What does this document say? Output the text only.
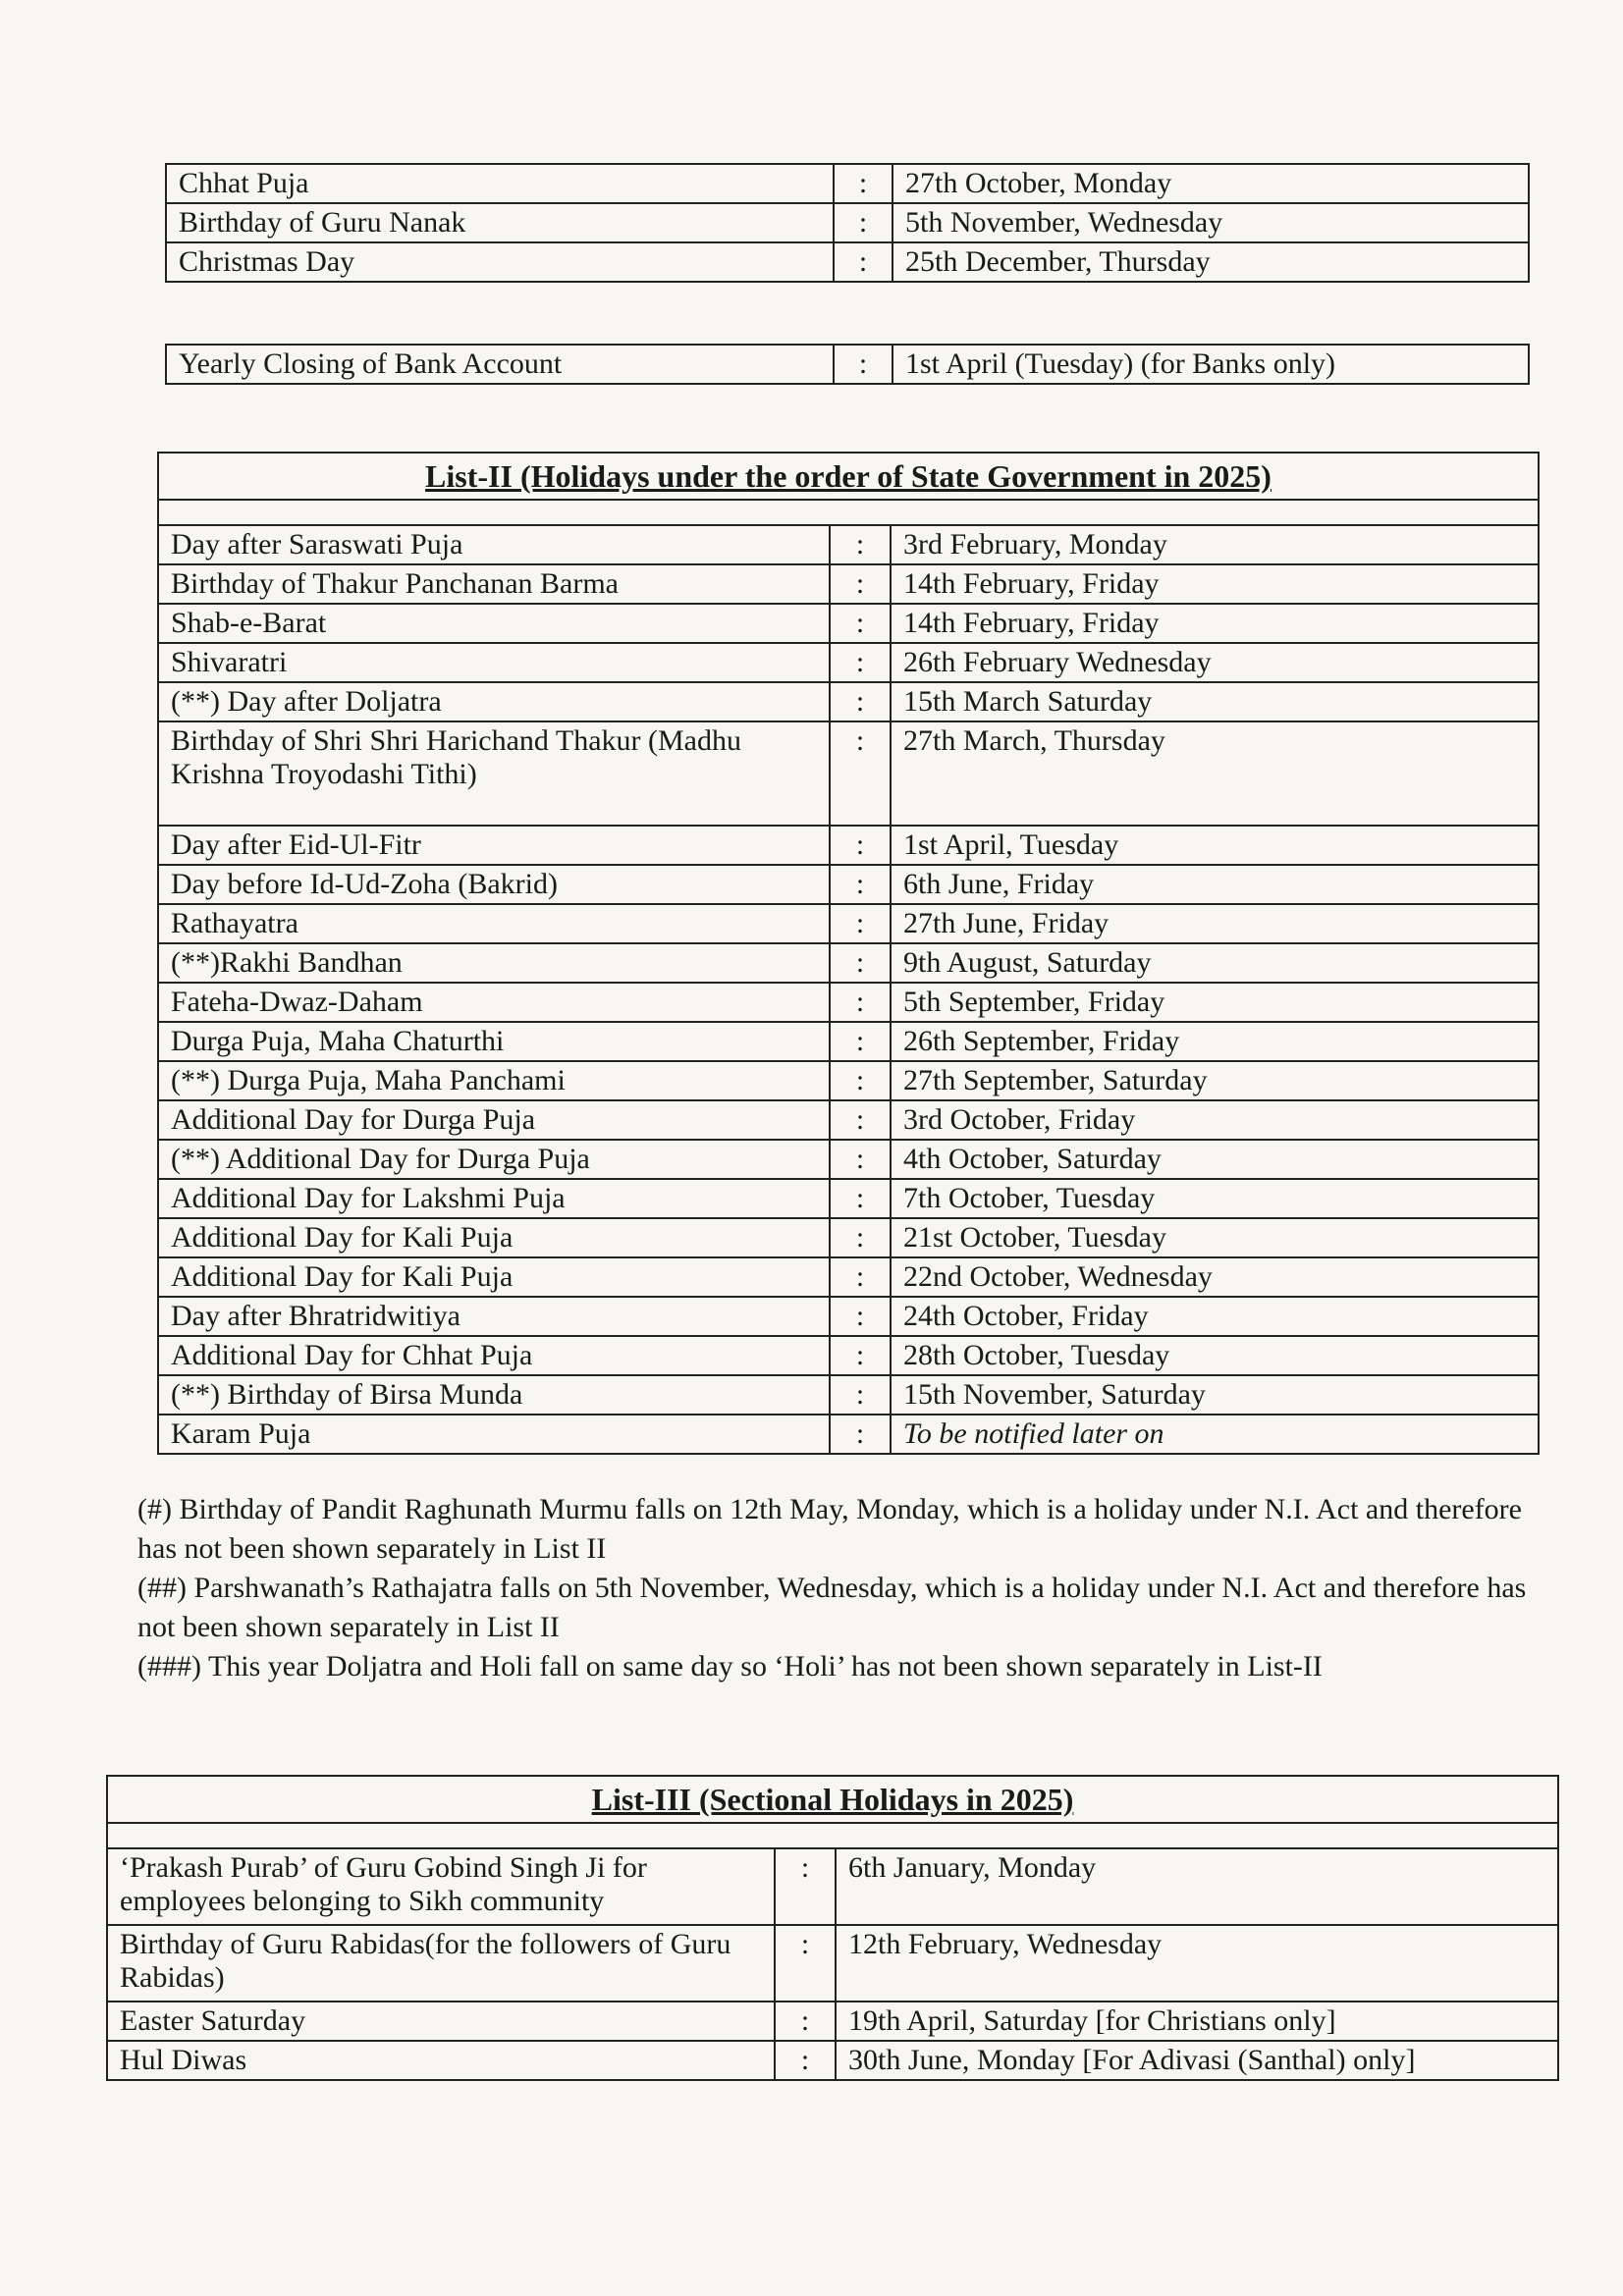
Chhat Puja	:	27th October, Monday
Birthday of Guru Nanak	:	5th November, Wednesday
Christmas Day	:	25th December, Thursday
Yearly Closing of Bank Account	:	1st April (Tuesday) (for Banks only)
List-II (Holidays under the order of State Government in 2025)		

Day after Saraswati Puja	:	3rd February, Monday
Birthday of Thakur Panchanan Barma	:	14th February, Friday
Shab-e-Barat	:	14th February, Friday
Shivaratri	:	26th February Wednesday
(**) Day after Doljatra	:	15th March Saturday
Birthday of Shri Shri Harichand Thakur (Madhu Krishna Troyodashi Tithi)	:	27th March, Thursday
Day after Eid-Ul-Fitr	:	1st April, Tuesday
Day before Id-Ud-Zoha (Bakrid)	:	6th June, Friday
Rathayatra	:	27th June, Friday
(**)Rakhi Bandhan	:	9th August, Saturday
Fateha-Dwaz-Daham	:	5th September, Friday
Durga Puja, Maha Chaturthi	:	26th September, Friday
(**) Durga Puja, Maha Panchami	:	27th September, Saturday
Additional Day for Durga Puja	:	3rd October, Friday
(**) Additional Day for Durga Puja	:	4th October, Saturday
Additional Day for Lakshmi Puja	:	7th October, Tuesday
Additional Day for Kali Puja	:	21st October, Tuesday
Additional Day for Kali Puja	:	22nd October, Wednesday
Day after Bhratridwitiya	:	24th October, Friday
Additional Day for Chhat Puja	:	28th October, Tuesday
(**) Birthday of Birsa Munda	:	15th November, Saturday
Karam Puja	:	To be notified later on

(#) Birthday of Pandit Raghunath Murmu falls on 12th May, Monday, which is a holiday under N.I. Act and therefore has not been shown separately in List II

(##) Parshwanath’s Rathajatra falls on 5th November, Wednesday, which is a holiday under N.I. Act and therefore has not been shown separately in List II

(###) This year Doljatra and Holi fall on same day so ‘Holi’ has not been shown separately in List-II

List-III (Sectional Holidays in 2025)		

‘Prakash Purab’ of Guru Gobind Singh Ji for employees belonging to Sikh community	:	6th January, Monday
Birthday of Guru Rabidas(for the followers of Guru Rabidas)	:	12th February, Wednesday
Easter Saturday	:	19th April, Saturday [for Christians only]
Hul Diwas	:	30th June, Monday [For Adivasi (Santhal) only]
